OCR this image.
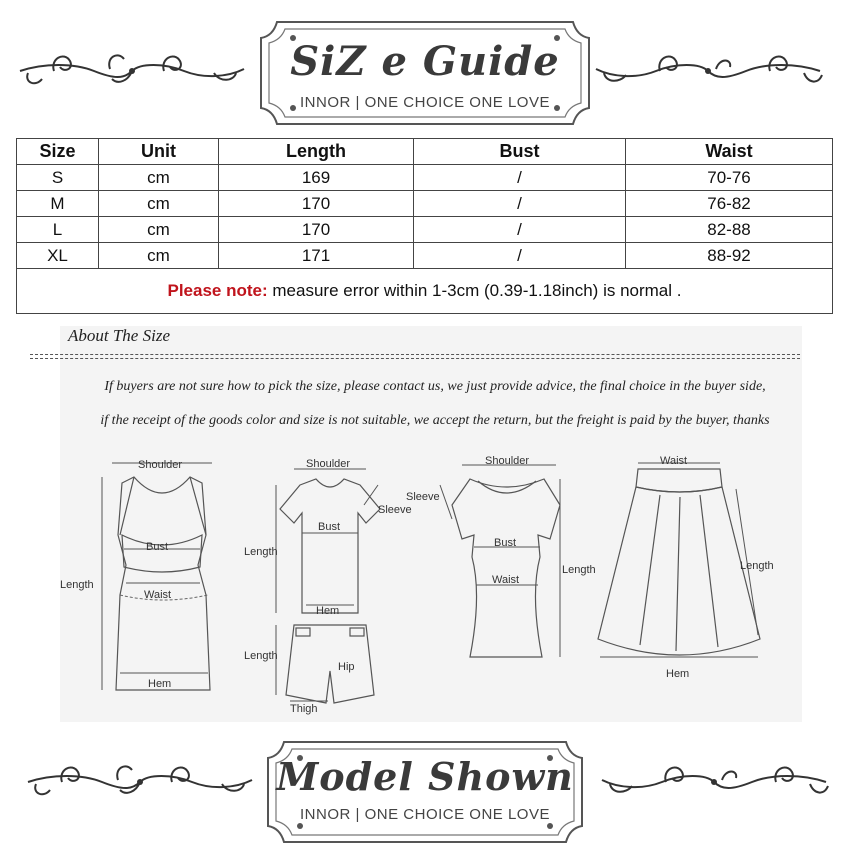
SiZ e Guide
INNOR | ONE CHOICE ONE LOVE
Size	Unit	Length	Bust	Waist
S	cm	169	/	70-76
M	cm	170	/	76-82
L	cm	170	/	82-88
XL	cm	171	/	88-92
Please note: measure error within 1-3cm (0.39-1.18inch) is normal .				
About The Size
If buyers are not sure how to pick the size, please contact us, we just provide advice, the final choice in the buyer side,
if the receipt of the goods color and size is not suitable, we accept the return, but the freight is paid by the buyer, thanks
Shoulder
Bust
Waist
Length
Hem
Shoulder
Sleeve
Bust
Length
Hem
Length
Hip
Thigh
Shoulder
Sleeve
Bust
Waist
Length
Waist
Length
Hem
Model Shown
INNOR | ONE CHOICE ONE LOVE
